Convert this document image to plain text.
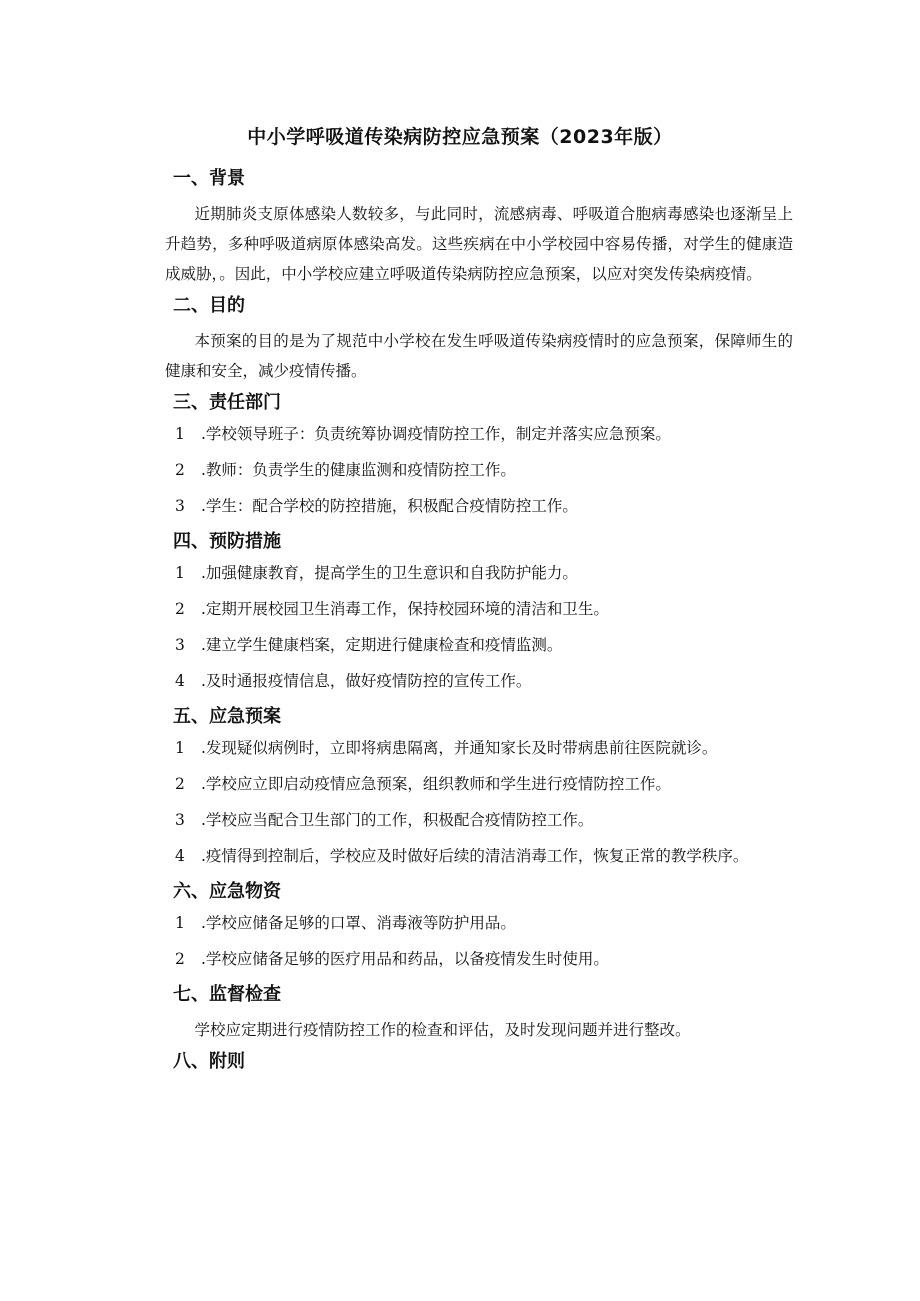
中小学呼吸道传染病防控应急预案（2023年版）
一、背景

近期肺炎支原体感染人数较多，与此同时，流感病毒、呼吸道合胞病毒感染也逐渐呈上升趋势，多种呼吸道病原体感染高发。这些疾病在中小学校园中容易传播，对学生的健康造成威胁，。因此，中小学校应建立呼吸道传染病防控应急预案，以应对突发传染病疫情。

二、目的

本预案的目的是为了规范中小学校在发生呼吸道传染病疫情时的应急预案，保障师生的健康和安全，减少疫情传播。

三、责任部门
1 .学校领导班子：负责统筹协调疫情防控工作，制定并落实应急预案。
2 .教师：负责学生的健康监测和疫情防控工作。
3 .学生：配合学校的防控措施，积极配合疫情防控工作。
四、预防措施
1 .加强健康教育，提高学生的卫生意识和自我防护能力。
2 .定期开展校园卫生消毒工作，保持校园环境的清洁和卫生。
3 .建立学生健康档案，定期进行健康检查和疫情监测。
4 .及时通报疫情信息，做好疫情防控的宣传工作。
五、应急预案
1 .发现疑似病例时，立即将病患隔离，并通知家长及时带病患前往医院就诊。
2 .学校应立即启动疫情应急预案，组织教师和学生进行疫情防控工作。
3 .学校应当配合卫生部门的工作，积极配合疫情防控工作。
4 .疫情得到控制后，学校应及时做好后续的清洁消毒工作，恢复正常的教学秩序。
六、应急物资
1 .学校应储备足够的口罩、消毒液等防护用品。
2 .学校应储备足够的医疗用品和药品，以备疫情发生时使用。
七、监督检查

学校应定期进行疫情防控工作的检查和评估，及时发现问题并进行整改。

八、附则
